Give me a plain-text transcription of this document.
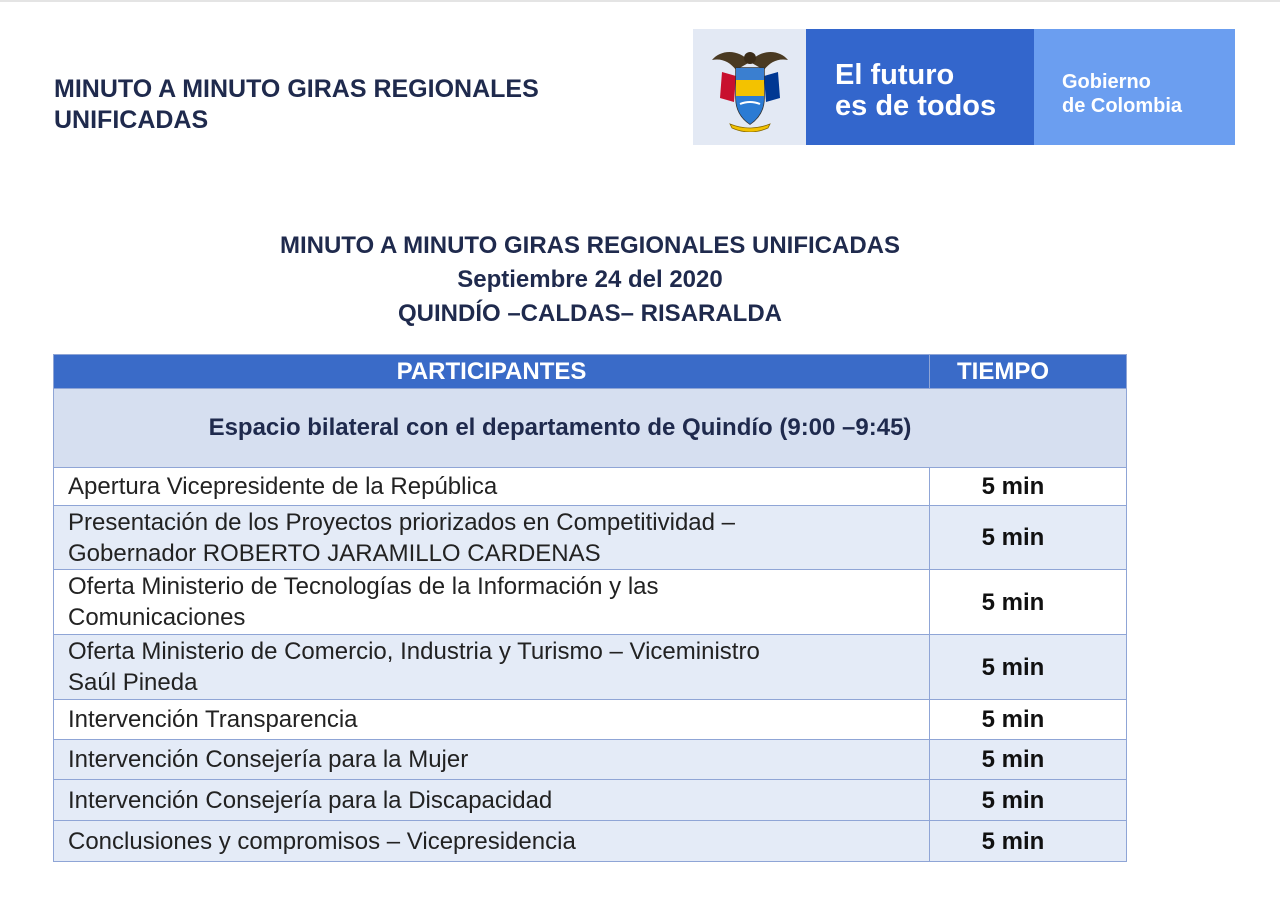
MINUTO A MINUTO GIRAS REGIONALES
UNIFICADAS
El futuro
es de todos
Gobierno
de Colombia
MINUTO A MINUTO GIRAS REGIONALES UNIFICADAS
Septiembre 24 del 2020
QUINDÍO –CALDAS– RISARALDA
PARTICIPANTES	TIEMPO
Espacio bilateral con el departamento de Quindío (9:00 –9:45)	
Apertura Vicepresidente de la República	5 min

Presentación de los Proyectos priorizados en Competitividad –
Gobernador ROBERTO JARAMILLO CARDENAS	5 min

Oferta Ministerio de Tecnologías de la Información y las
Comunicaciones	5 min

Oferta Ministerio de Comercio, Industria y Turismo – Viceministro
Saúl Pineda	5 min
Intervención Transparencia	5 min
Intervención Consejería para la Mujer	5 min
Intervención Consejería para la Discapacidad	5 min
Conclusiones y compromisos – Vicepresidencia	5 min
